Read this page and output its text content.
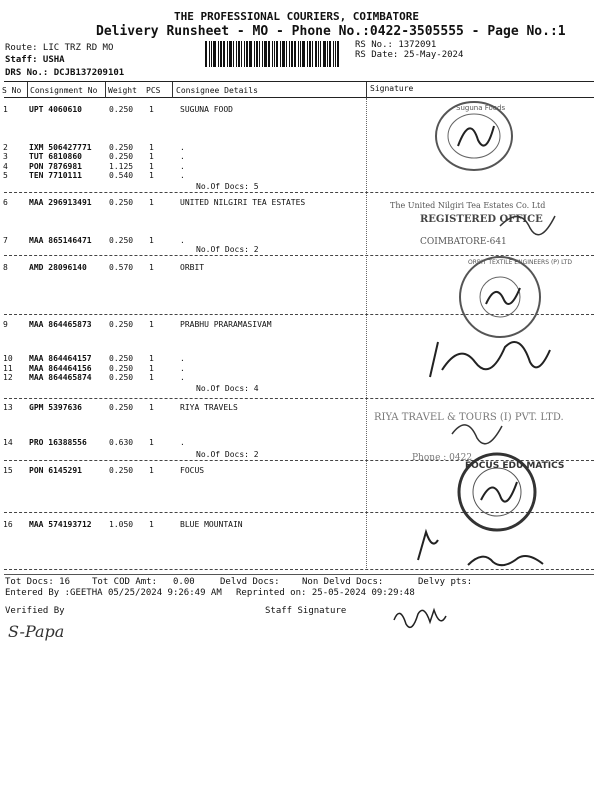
THE PROFESSIONAL COURIERS, COIMBATORE
Delivery Runsheet - MO - Phone No.:0422-3505555 - Page No.:1
Route: LIC TRZ RD MO
Staff: USHA
DRS No.: DCJB137209101
RS No.: 1372091
RS Date: 25-May-2024
S No Consignment No Weight PCS Consignee Details	Signature
1	UPT 4060610	0.250 1	SUGUNA FOOD
2	IXM 506427771 0.250 1	.
3	TUT 6810860	0.250 1	.
4	PON 7876981	1.125 1	.
5	TEN 7710111	0.540 1	.
6	MAA 296913491 0.250 1	UNITED NILGIRI TEA ESTATES
7	MAA 865146471 0.250 1	.
8	AMD 28096140	0.570 1	ORBIT
9	MAA 864465873 0.250 1	PRABHU PRARAMASIVAM
10 MAA 864464157 0.250 1	.
11 MAA 864464156 0.250 1	.
12 MAA 864465874 0.250 1	.
13 GPM 5397636	0.250 1	RIYA TRAVELS
14 PRO 16388556	0.630 1	.
15 PON 6145291	0.250 1	FOCUS
16 MAA 574193712 1.050 1	BLUE MOUNTAIN
No.Of Docs: 5
No.Of Docs: 2
No.Of Docs: 4
No.Of Docs: 2
Suguna Foods
The United Nilgiri Tea Estates Co. Ltd
REGISTERED OFFICE
COIMBATORE-641
ORBIT TEXTILE ENGINEERS (P) LTD
RIYA TRAVEL & TOURS (I) PVT. LTD.
Phone : 0422
FOCUS EDU MATICS
Tot Docs: 16 Tot COD Amt: 0.00	Delvd Docs: Non Delvd Docs:	Delvy pts:
Entered By :GEETHA 05/25/2024 9:26:49 AM Reprinted on: 25-05-2024 09:29:48
Verified By	Staff Signature
S-Papa
